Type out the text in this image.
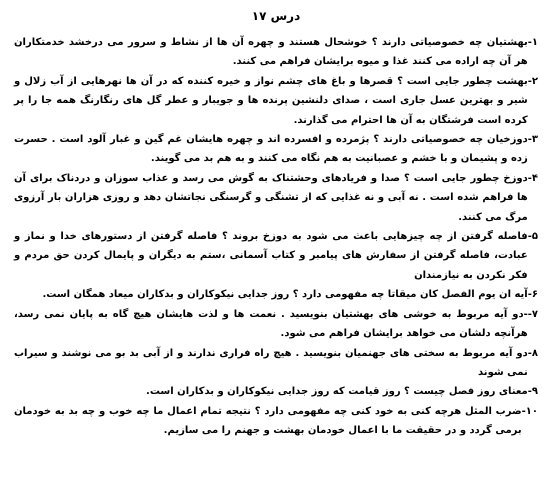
درس ۱۷
۱-
بهشتیان چه خصوصیاتی دارند ؟ خوشحال هستند و چهره آن ها از نشاط و سرور می درخشد خدمتکاران هر آن چه اراده می کنند غذا و میوه برایشان فراهم می کنند.
۲-
بهشت چطور جایی است ؟ قصرها و باغ های چشم نواز و خیره کننده که در آن ها نهرهایی از آب زلال و شیر و بهترین عسل جاری است ، صدای دلنشین پرنده ها و جویبار و عطر گل های رنگارنگ همه جا را پر کرده است فرشتگان به آن ها احترام می گذارند.
۳-
دوزخیان چه خصوصیاتی دارند ؟ پژمرده و افسرده اند و چهره هایشان غم گین و غبار آلود است . حسرت زده و پشیمان و با خشم و عصبانیت به هم نگاه می کنند و به هم بد می گویند.
۴-
دوزخ چطور جایی است ؟ صدا و فریادهای وحشتناک به گوش می رسد و عذاب سوزان و دردناک برای آن ها فراهم شده است . نه آبی و نه غذایی که از تشنگی و گرسنگی نجاتشان دهد و روزی هزاران بار آرزوی مرگ می کنند.
۵-
فاصله گرفتن از چه چیزهایی باعث می شود به دوزخ بروند ؟ فاصله گرفتن از دستورهای خدا و نماز و عبادت، فاصله گرفتن از سفارش های پیامبر و کتاب آسمانی ،ستم به دیگران و پایمال کردن حق مردم و فکر نکردن به نیازمندان
۶-
آیه ان یوم الفصل کان میقاتا چه مفهومی دارد ؟ روز جدایی نیکوکاران و بدکاران میعاد همگان است.
۷-
-دو آیه مربوط به خوشی های بهشتیان بنویسید . نعمت ها و لذت هایشان هیچ گاه به پایان نمی رسد، هرآنچه دلشان می خواهد برایشان فراهم می شود.
۸-
دو آیه مربوط به سختی های جهنمیان بنویسید . هیچ راه فراری ندارند و از آبی بد بو می نوشند و سیراب نمی شوند
۹-
معنای روز فصل چیست ؟ روز قیامت که روز جدایی نیکوکاران و بدکاران است.
۱۰-
ضرب المثل هرچه کنی به خود کنی چه مفهومی دارد ؟ نتیجه تمام اعمال ما چه خوب و چه بد به خودمان برمی گردد و در حقیقت ما با اعمال خودمان بهشت و جهنم را می سازیم.
